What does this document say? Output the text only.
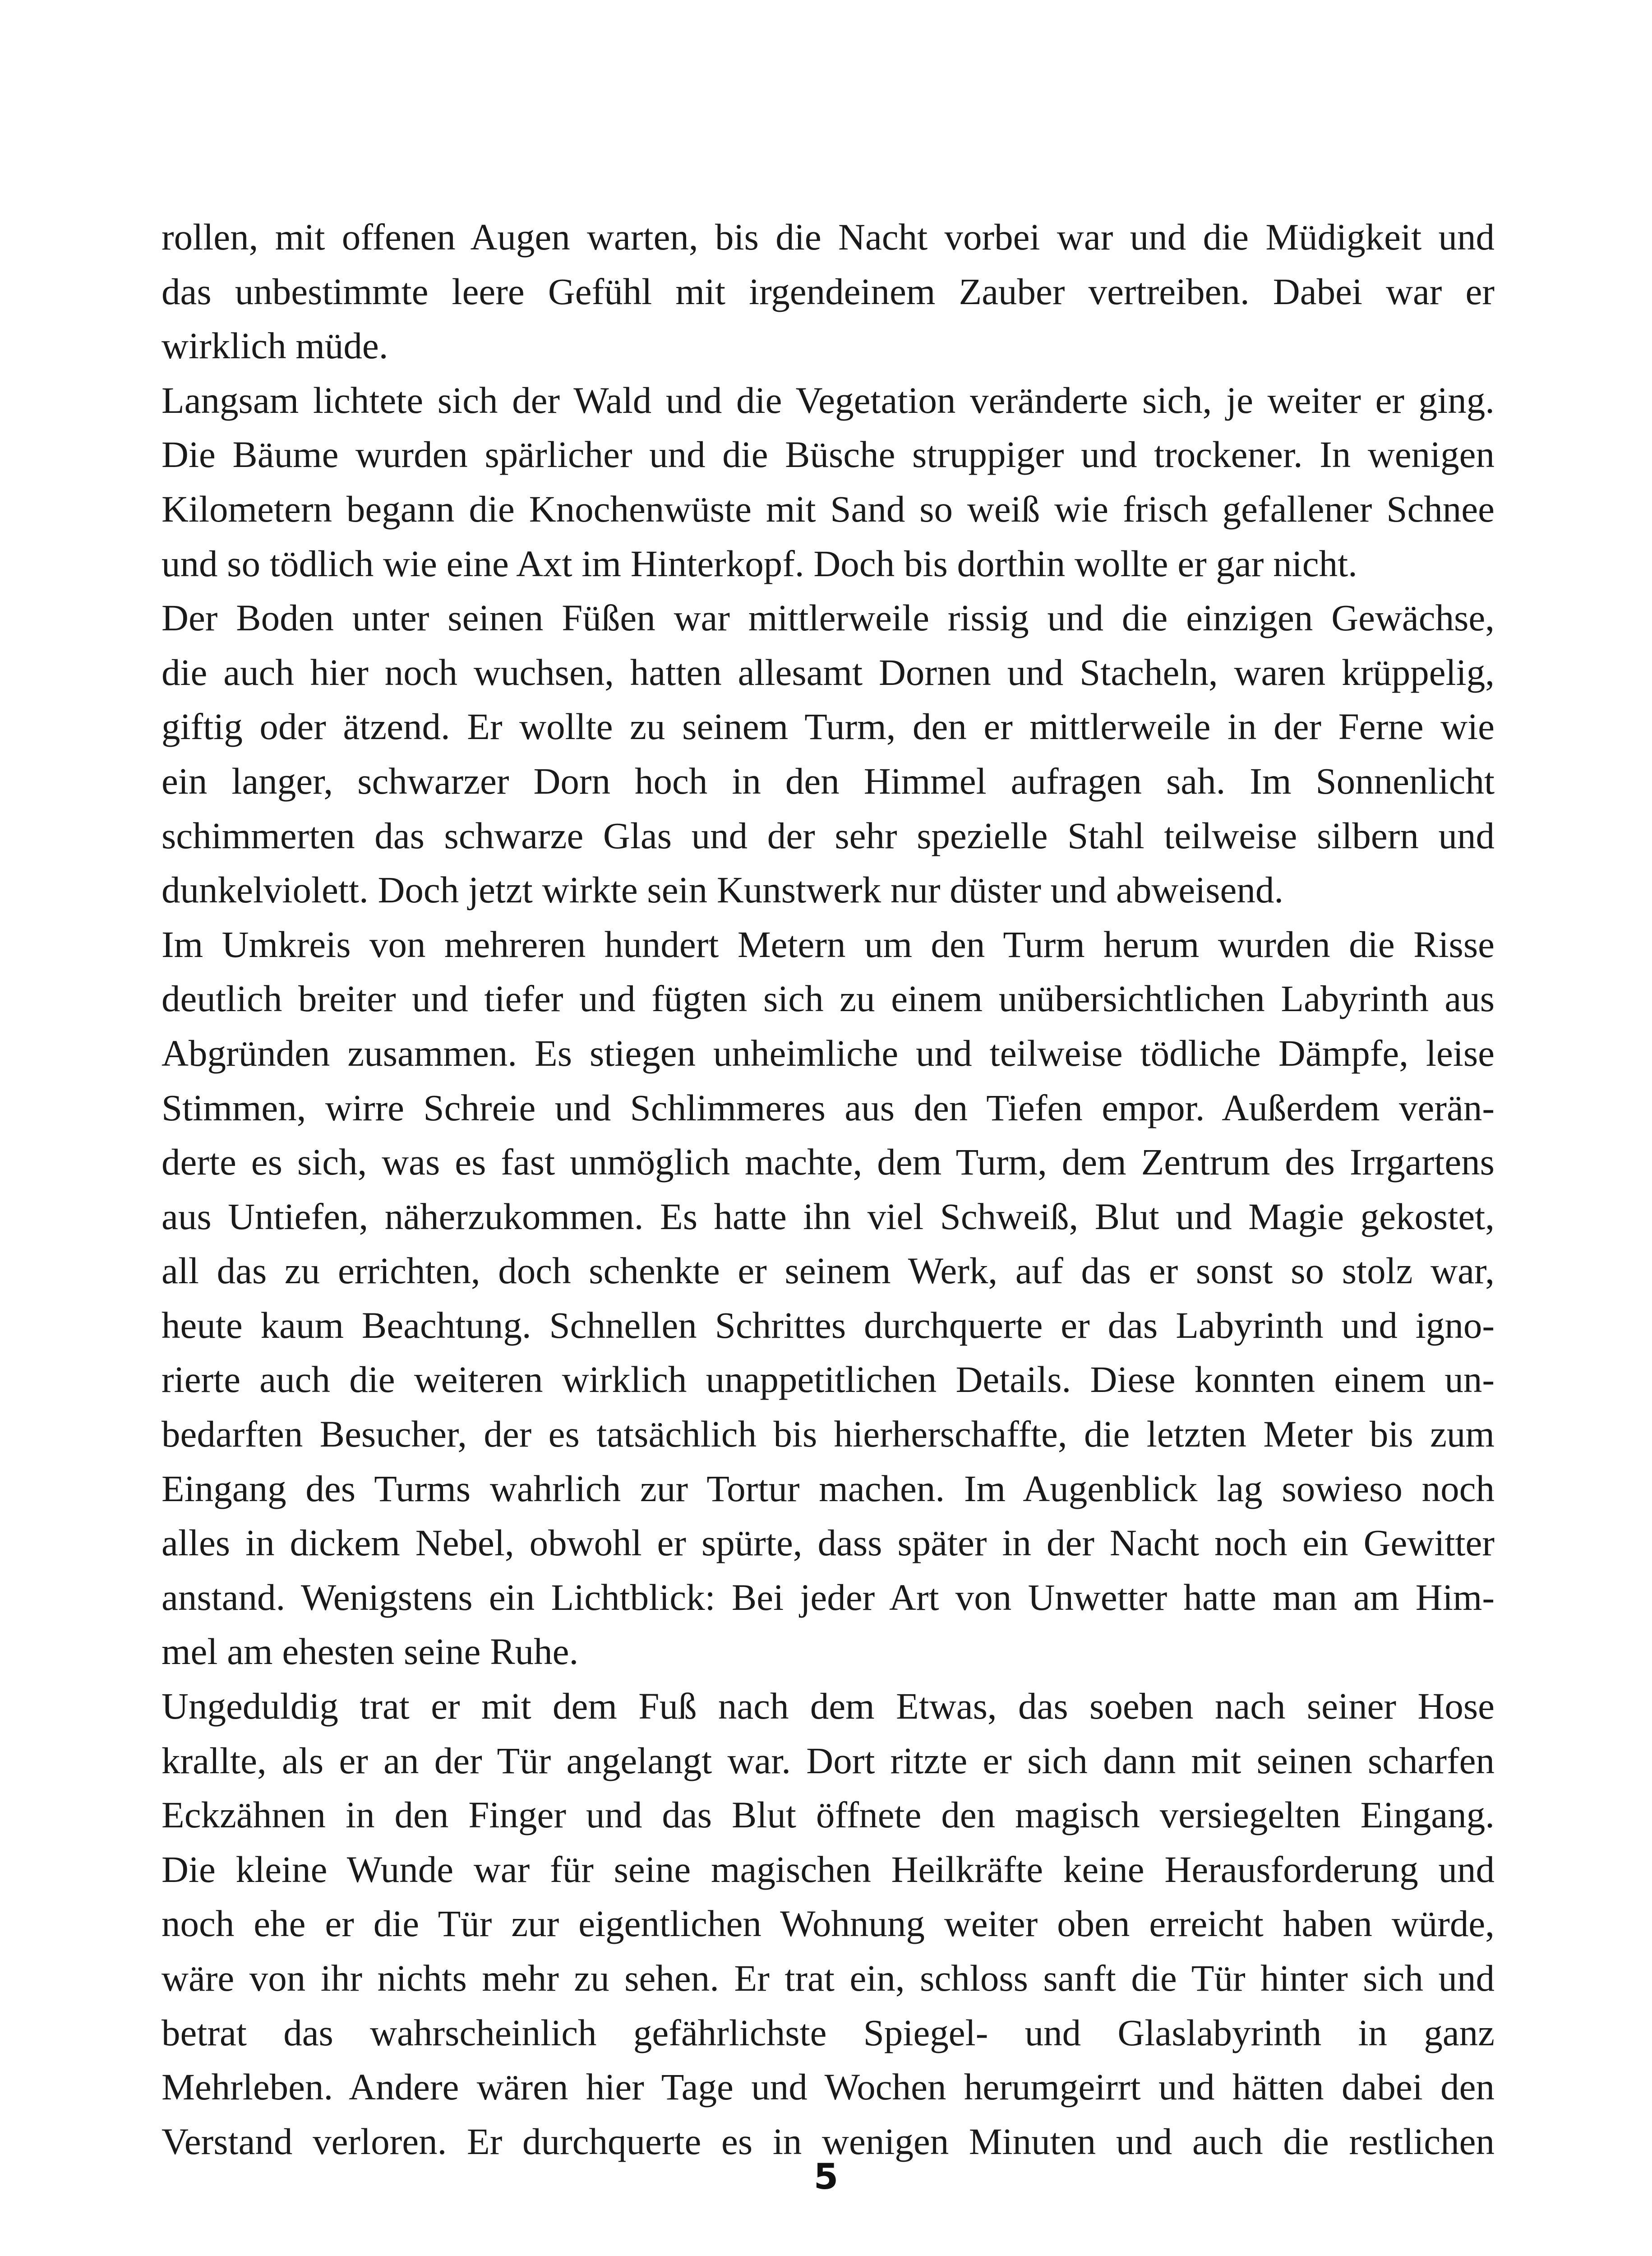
rollen, mit offenen Augen warten, bis die Nacht vorbei war und die Müdigkeit und
das unbestimmte leere Gefühl mit irgendeinem Zauber vertreiben. Dabei war er
wirklich müde.
Langsam lichtete sich der Wald und die Vegetation veränderte sich, je weiter er ging.
Die Bäume wurden spärlicher und die Büsche struppiger und trockener. In wenigen
Kilometern begann die Knochenwüste mit Sand so weiß wie frisch gefallener Schnee
und so tödlich wie eine Axt im Hinterkopf. Doch bis dorthin wollte er gar nicht.
Der Boden unter seinen Füßen war mittlerweile rissig und die einzigen Gewächse,
die auch hier noch wuchsen, hatten allesamt Dornen und Stacheln, waren krüppelig,
giftig oder ätzend. Er wollte zu seinem Turm, den er mittlerweile in der Ferne wie
ein langer, schwarzer Dorn hoch in den Himmel aufragen sah. Im Sonnenlicht
schimmerten das schwarze Glas und der sehr spezielle Stahl teilweise silbern und
dunkelviolett. Doch jetzt wirkte sein Kunstwerk nur düster und abweisend.
Im Umkreis von mehreren hundert Metern um den Turm herum wurden die Risse
deutlich breiter und tiefer und fügten sich zu einem unübersichtlichen Labyrinth aus
Abgründen zusammen. Es stiegen unheimliche und teilweise tödliche Dämpfe, leise
Stimmen, wirre Schreie und Schlimmeres aus den Tiefen empor. Außerdem verän-
derte es sich, was es fast unmöglich machte, dem Turm, dem Zentrum des Irrgartens
aus Untiefen, näherzukommen. Es hatte ihn viel Schweiß, Blut und Magie gekostet,
all das zu errichten, doch schenkte er seinem Werk, auf das er sonst so stolz war,
heute kaum Beachtung. Schnellen Schrittes durchquerte er das Labyrinth und igno-
rierte auch die weiteren wirklich unappetitlichen Details. Diese konnten einem un-
bedarften Besucher, der es tatsächlich bis hierherschaffte, die letzten Meter bis zum
Eingang des Turms wahrlich zur Tortur machen. Im Augenblick lag sowieso noch
alles in dickem Nebel, obwohl er spürte, dass später in der Nacht noch ein Gewitter
anstand. Wenigstens ein Lichtblick: Bei jeder Art von Unwetter hatte man am Him-
mel am ehesten seine Ruhe.
Ungeduldig trat er mit dem Fuß nach dem Etwas, das soeben nach seiner Hose
krallte, als er an der Tür angelangt war. Dort ritzte er sich dann mit seinen scharfen
Eckzähnen in den Finger und das Blut öffnete den magisch versiegelten Eingang.
Die kleine Wunde war für seine magischen Heilkräfte keine Herausforderung und
noch ehe er die Tür zur eigentlichen Wohnung weiter oben erreicht haben würde,
wäre von ihr nichts mehr zu sehen. Er trat ein, schloss sanft die Tür hinter sich und
betrat das wahrscheinlich gefährlichste Spiegel- und Glaslabyrinth in ganz
Mehrleben. Andere wären hier Tage und Wochen herumgeirrt und hätten dabei den
Verstand verloren. Er durchquerte es in wenigen Minuten und auch die restlichen
5
